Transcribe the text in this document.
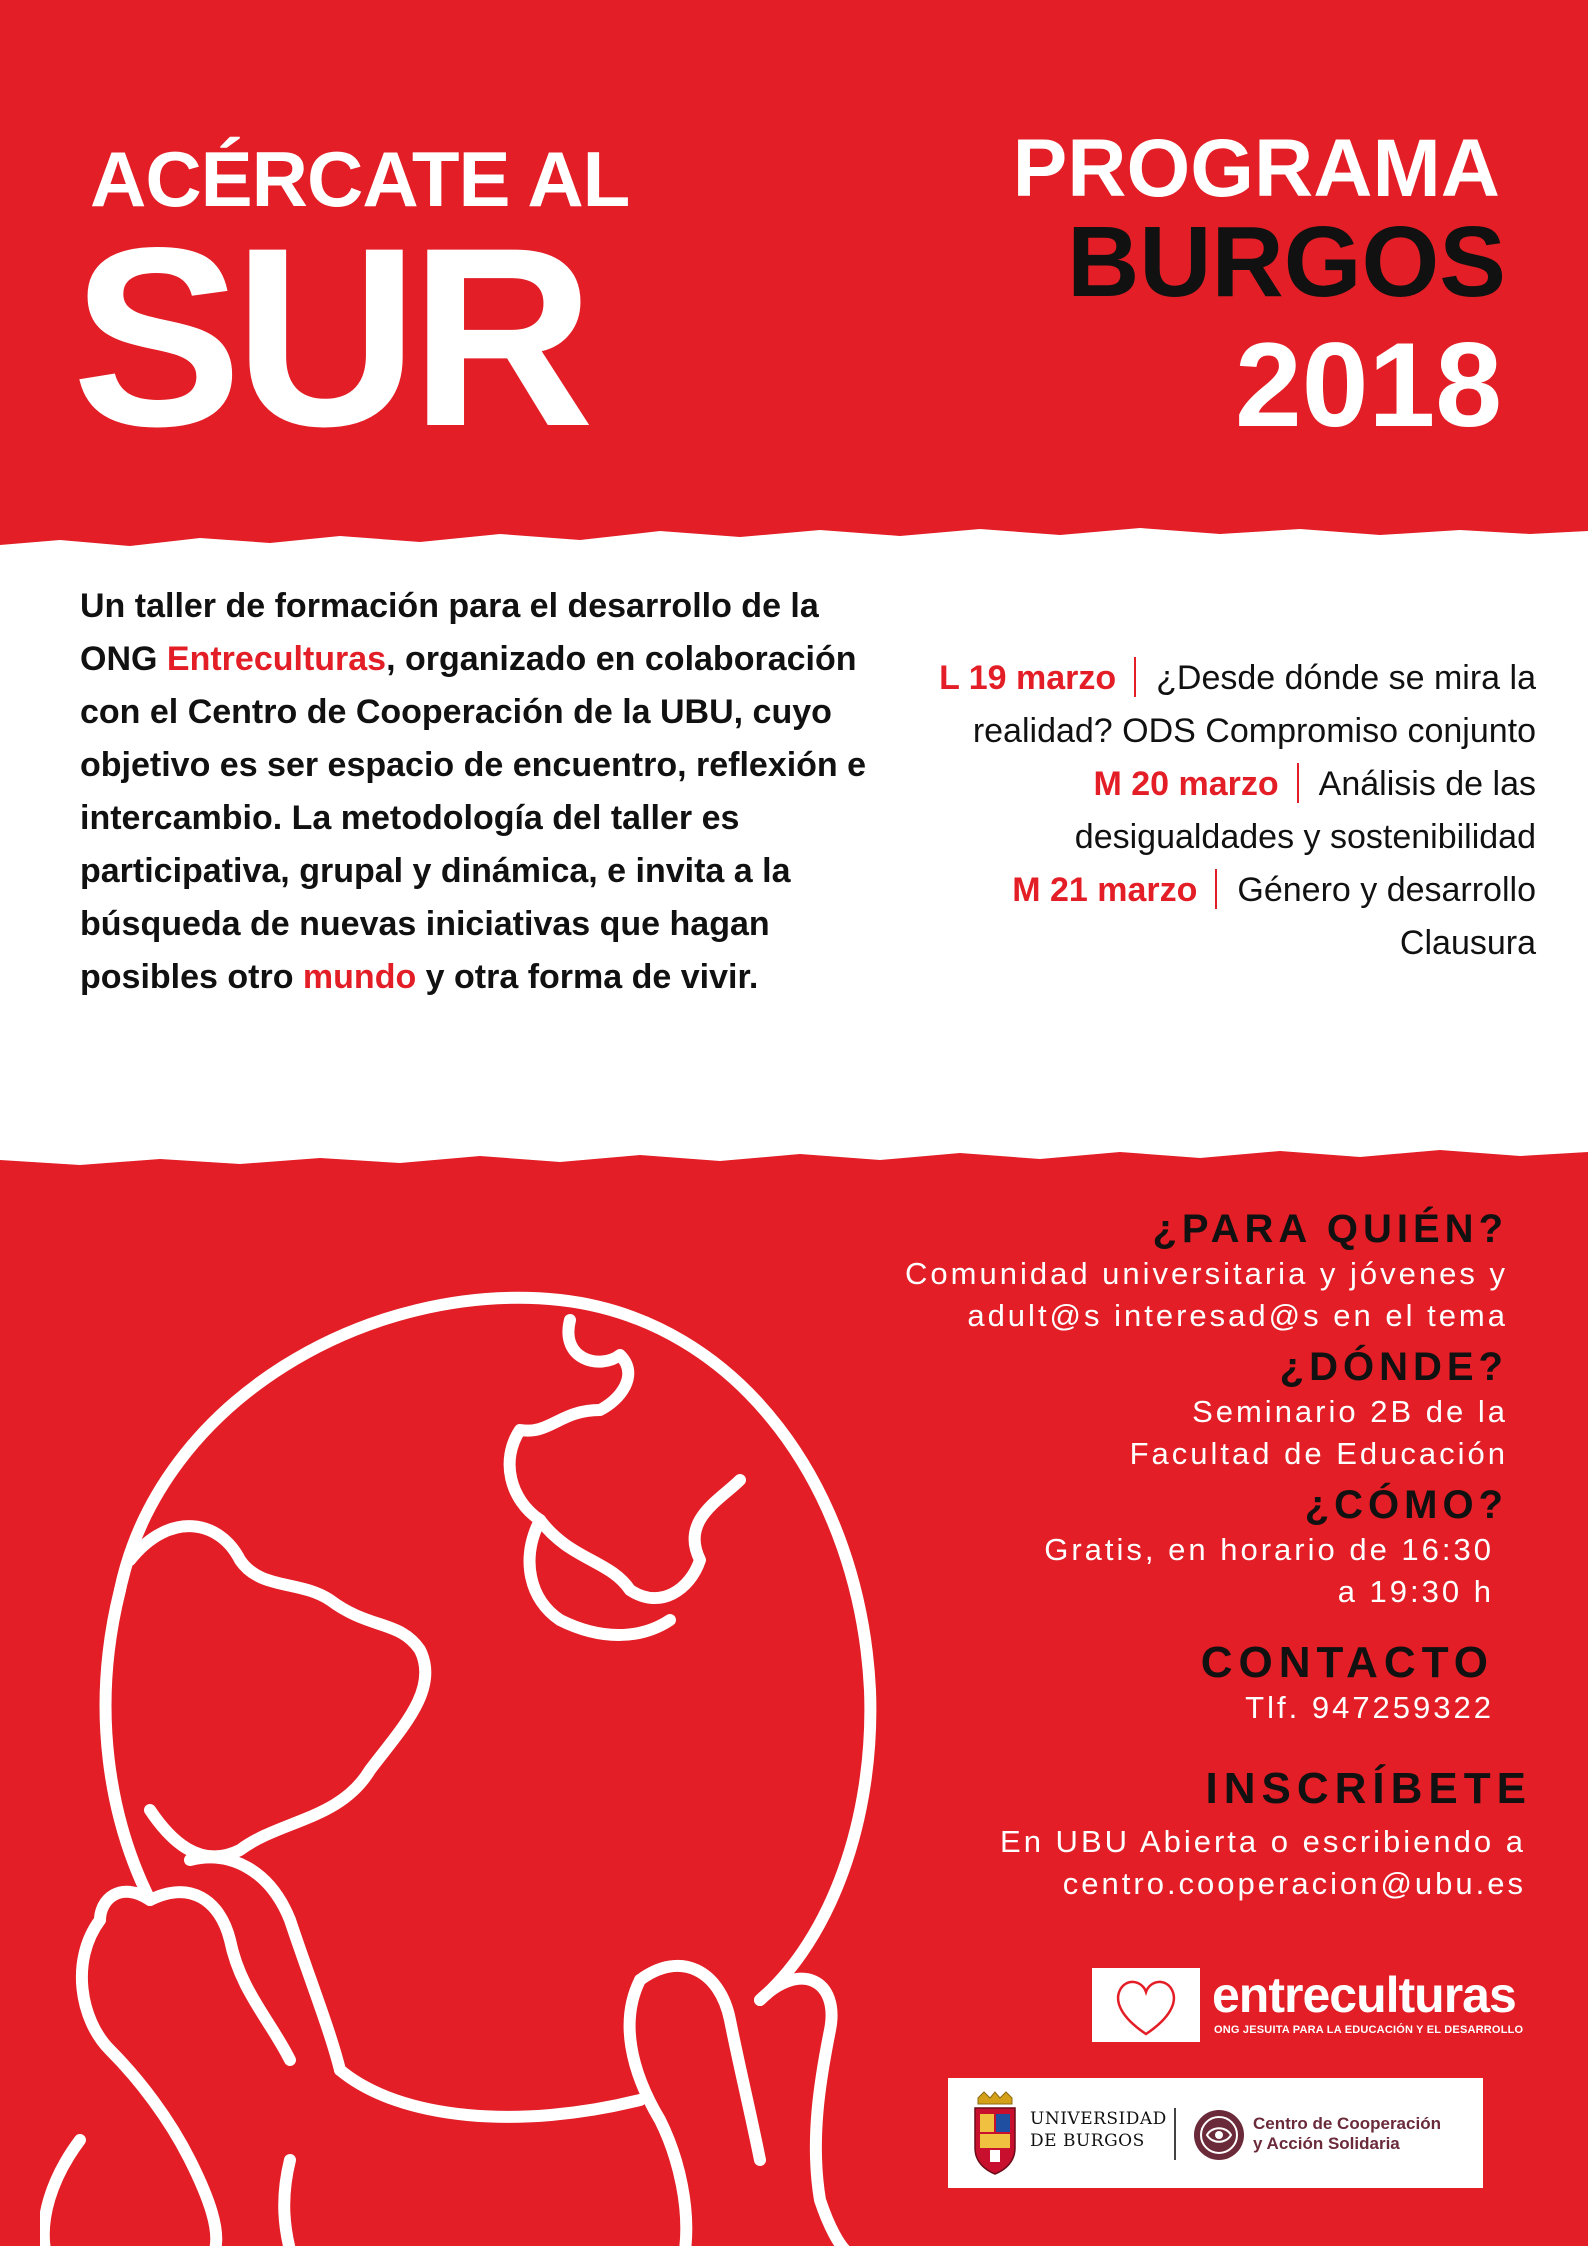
ACÉRCATE AL
SUR
PROGRAMA
BURGOS
2018
Un taller de formación para el desarrollo de la ONG Entreculturas, organizado en colaboración con el Centro de Cooperación de la UBU, cuyo objetivo es ser espacio de encuentro, reflexión e intercambio. La metodología del taller es participativa, grupal y dinámica, e invita a la búsqueda de nuevas iniciativas que hagan posibles otro mundo y otra forma de vivir.
L 19 marzo ¿Desde dónde se mira la
realidad? ODS Compromiso conjunto
M 20 marzo Análisis de las
desigualdades y sostenibilidad
M 21 marzo Género y desarrollo
Clausura
¿PARA QUIÉN?
Comunidad universitaria y jóvenes y
adult@s interesad@s en el tema
¿DÓNDE?
Seminario 2B de la
Facultad de Educación
¿CÓMO?
Gratis, en horario de 16:30
a 19:30 h
CONTACTO
Tlf. 947259322
INSCRÍBETE
En UBU Abierta o escribiendo a
centro.cooperacion@ubu.es
entreculturas
ONG JESUITA PARA LA EDUCACIÓN Y EL DESARROLLO
UNIVERSIDAD
DE BURGOS
Centro de Cooperación
y Acción Solidaria
